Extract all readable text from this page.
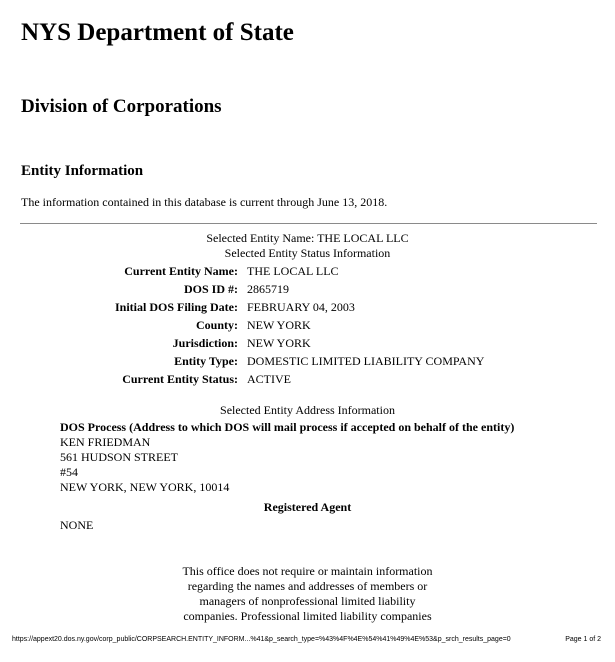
NYS Department of State
Division of Corporations
Entity Information
The information contained in this database is current through June 13, 2018.
Selected Entity Name: THE LOCAL LLC
Selected Entity Status Information
Current Entity Name: THE LOCAL LLC
DOS ID #: 2865719
Initial DOS Filing Date: FEBRUARY 04, 2003
County: NEW YORK
Jurisdiction: NEW YORK
Entity Type: DOMESTIC LIMITED LIABILITY COMPANY
Current Entity Status: ACTIVE
Selected Entity Address Information
DOS Process (Address to which DOS will mail process if accepted on behalf of the entity)
KEN FRIEDMAN
561 HUDSON STREET
#54
NEW YORK, NEW YORK, 10014
Registered Agent
NONE
This office does not require or maintain information
regarding the names and addresses of members or
managers of nonprofessional limited liability
companies. Professional limited liability companies
https://appext20.dos.ny.gov/corp_public/CORPSEARCH.ENTITY_INFORM...%41&p_search_type=%43%4F%4E%54%41%49%4E%53&p_srch_results_page=0	Page 1 of 2
